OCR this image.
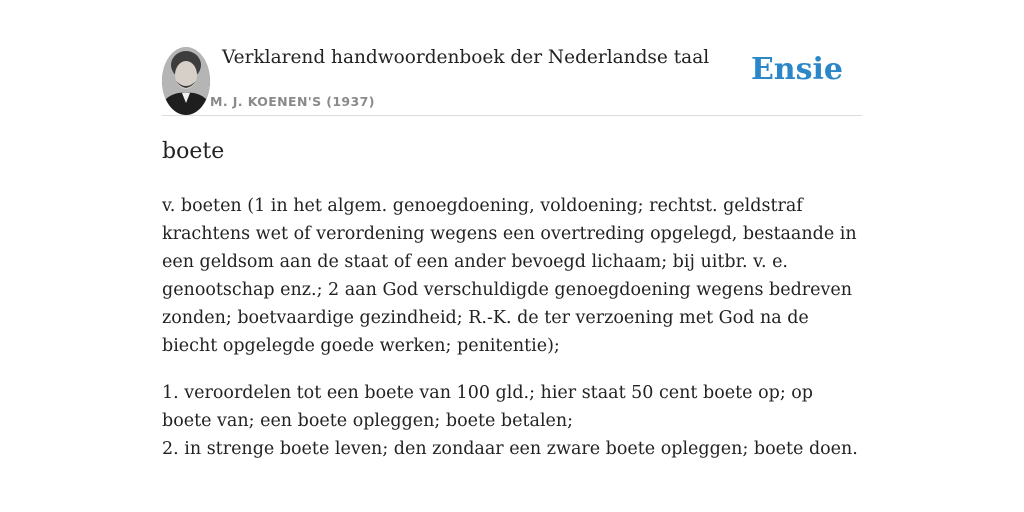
Verklarend handwoordenboek der Nederlandse taal
M. J. KOENEN'S (1937)
Ensie
boete

v. boeten (1 in het algem. genoegdoening, voldoening; rechtst. geldstraf krachtens wet of verordening wegens een overtreding opgelegd, bestaande in een geldsom aan de staat of een ander bevoegd lichaam; bij uitbr. v. e. genootschap enz.; 2 aan God verschuldigde genoegdoening wegens bedreven zonden; boetvaardige gezindheid; R.-K. de ter verzoening met God na de biecht opgelegde goede werken; penitentie);

1. veroordelen tot een boete van 100 gld.; hier staat 50 cent boete op; op boete van; een boete opleggen; boete betalen;
2. in strenge boete leven; den zondaar een zware boete opleggen; boete doen.
